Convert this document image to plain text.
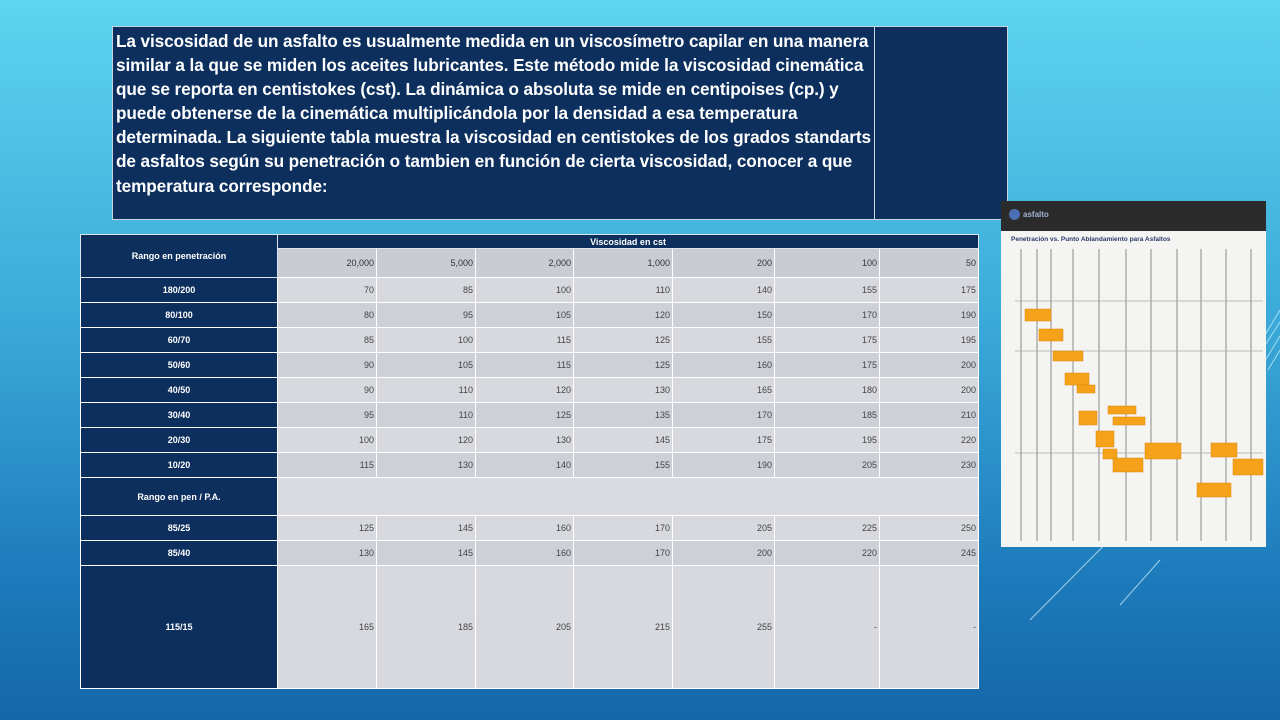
La viscosidad de un asfalto es usualmente medida en un viscosímetro capilar en una manera similar a la que se miden los aceites lubricantes. Este método mide la viscosidad cinemática que se reporta en centistokes (cst). La dinámica o absoluta se mide en centipoises (cp.) y puede obtenerse de la cinemática multiplicándola por la densidad a esa temperatura determinada. La siguiente tabla muestra la viscosidad en centistokes de los grados standarts de asfaltos según su penetración o tambien en función de cierta viscosidad, conocer a que temperatura corresponde:
Rango en penetración	Viscosidad en cst						
	20,000	5,000	2,000	1,000	200	100	50
180/200	70	85	100	110	140	155	175
80/100	80	95	105	120	150	170	190
60/70	85	100	115	125	155	175	195
50/60	90	105	115	125	160	175	200
40/50	90	110	120	130	165	180	200
30/40	95	110	125	135	170	185	210
20/30	100	120	130	145	175	195	220
10/20	115	130	140	155	190	205	230
Rango en pen / P.A.							
85/25	125	145	160	170	205	225	250
85/40	130	145	160	170	200	220	245
115/15	165	185	205	215	255	-	-
asfalto
Penetración vs. Punto Ablandamiento para Asfaltos
